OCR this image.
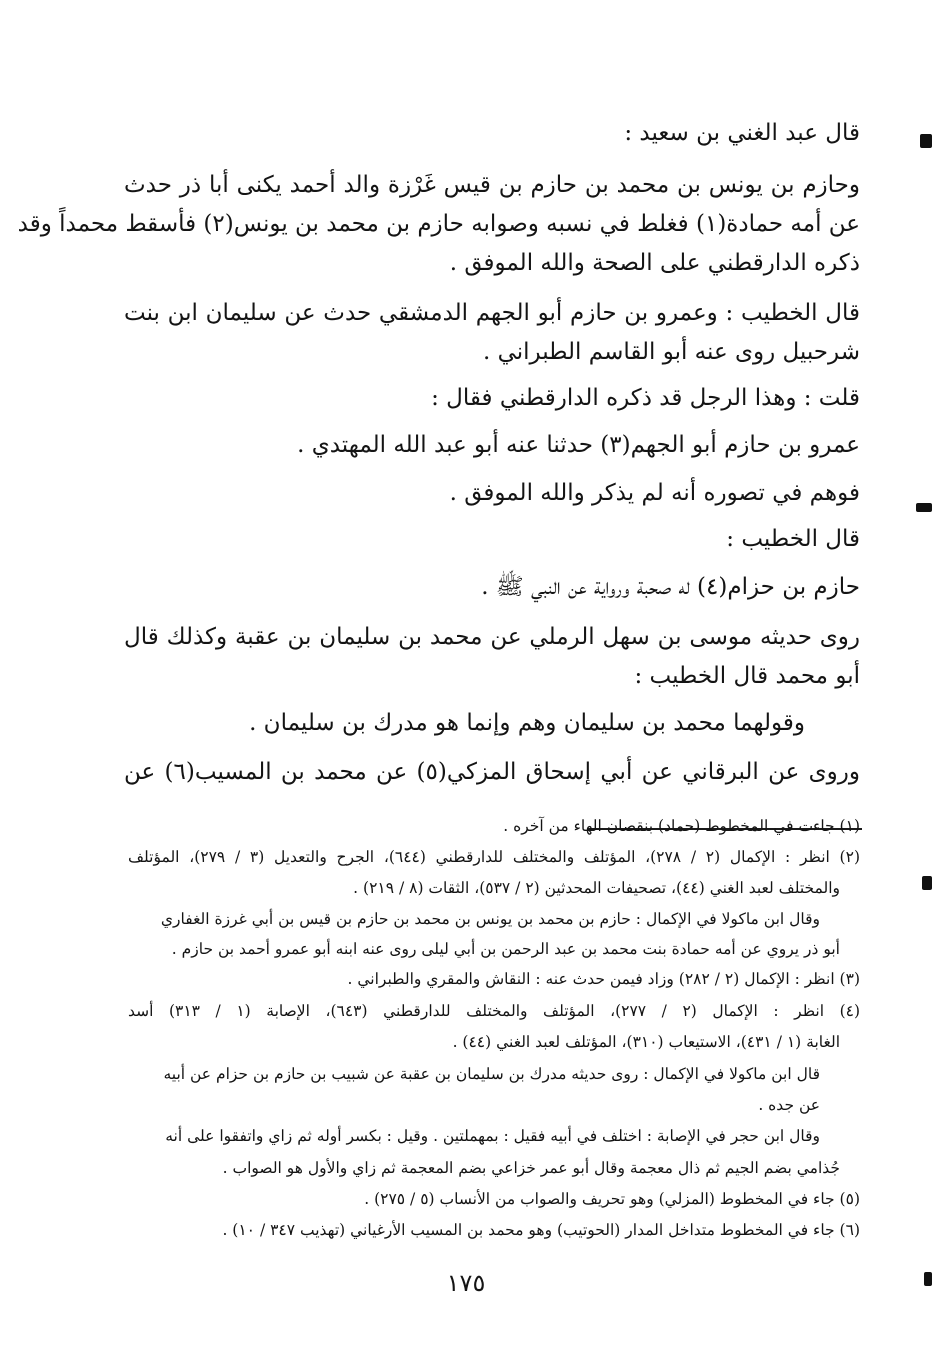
قال عبد الغني بن سعيد :
وحازم بن يونس بن محمد بن حازم بن قيس غَرْزة والد أحمد يكنى أبا ذر حدث
عن أمه حمادة(١) فغلط في نسبه وصوابه حازم بن محمد بن يونس(٢) فأسقط محمداً وقد
ذكره الدارقطني على الصحة والله الموفق .
قال الخطيب : وعمرو بن حازم أبو الجهم الدمشقي حدث عن سليمان ابن بنت
شرحبيل روى عنه أبو القاسم الطبراني .
قلت : وهذا الرجل قد ذكره الدارقطني فقال :
عمرو بن حازم أبو الجهم(٣) حدثنا عنه أبو عبد الله المهتدي .
فوهم في تصوره أنه لم يذكر والله الموفق .
قال الخطيب :
حازم بن حزام(٤) له صحبة ورواية عن النبي ﷺ .
روى حديثه موسى بن سهل الرملي عن محمد بن سليمان بن عقبة وكذلك قال
أبو محمد قال الخطيب :
وقولهما محمد بن سليمان وهم وإنما هو مدرك بن سليمان .
وروى عن البرقاني عن أبي إسحاق المزكي(٥) عن محمد بن المسيب(٦) عن
(١) جاءت في المخطوط (حماد) بنقصان الهاء من آخره .
(٢) انظر : الإكمال (٢ / ٢٧٨)، المؤتلف والمختلف للدارقطني (٦٤٤)، الجرح والتعديل (٣ / ٢٧٩)، المؤتلف
والمختلف لعبد الغني (٤٤)، تصحيفات المحدثين (٢ / ٥٣٧)، الثقات (٨ / ٢١٩) .
وقال ابن ماكولا في الإكمال : حازم بن محمد بن يونس بن محمد بن حازم بن قيس بن أبي غرزة الغفاري
أبو ذر يروي عن أمه حمادة بنت محمد بن عبد الرحمن بن أبي ليلى روى عنه ابنه أبو عمرو أحمد بن حازم .
(٣) انظر : الإكمال (٢ / ٢٨٢) وزاد فيمن حدث عنه : النقاش والمقري والطبراني .
(٤) انظر : الإكمال (٢ / ٢٧٧)، المؤتلف والمختلف للدارقطني (٦٤٣)، الإصابة (١ / ٣١٣) أسد
الغابة (١ / ٤٣١)، الاستيعاب (٣١٠)، المؤتلف لعبد الغني (٤٤) .
قال ابن ماكولا في الإكمال : روى حديثه مدرك بن سليمان بن عقبة عن شبيب بن حازم بن حزام عن أبيه
عن جده .
وقال ابن حجر في الإصابة : اختلف في أبيه فقيل : بمهملتين . وقيل : بكسر أوله ثم زاي واتفقوا على أنه
جُذامي بضم الجيم ثم ذال معجمة وقال أبو عمر خزاعي بضم المعجمة ثم زاي والأول هو الصواب .
(٥) جاء في المخطوط (المزلي) وهو تحريف والصواب من الأنساب (٥ / ٢٧٥) .
(٦) جاء في المخطوط متداخل المدار (الحوتيب) وهو محمد بن المسيب الأرغياني (تهذيب ٣٤٧ / ١٠) .
١٧٥
